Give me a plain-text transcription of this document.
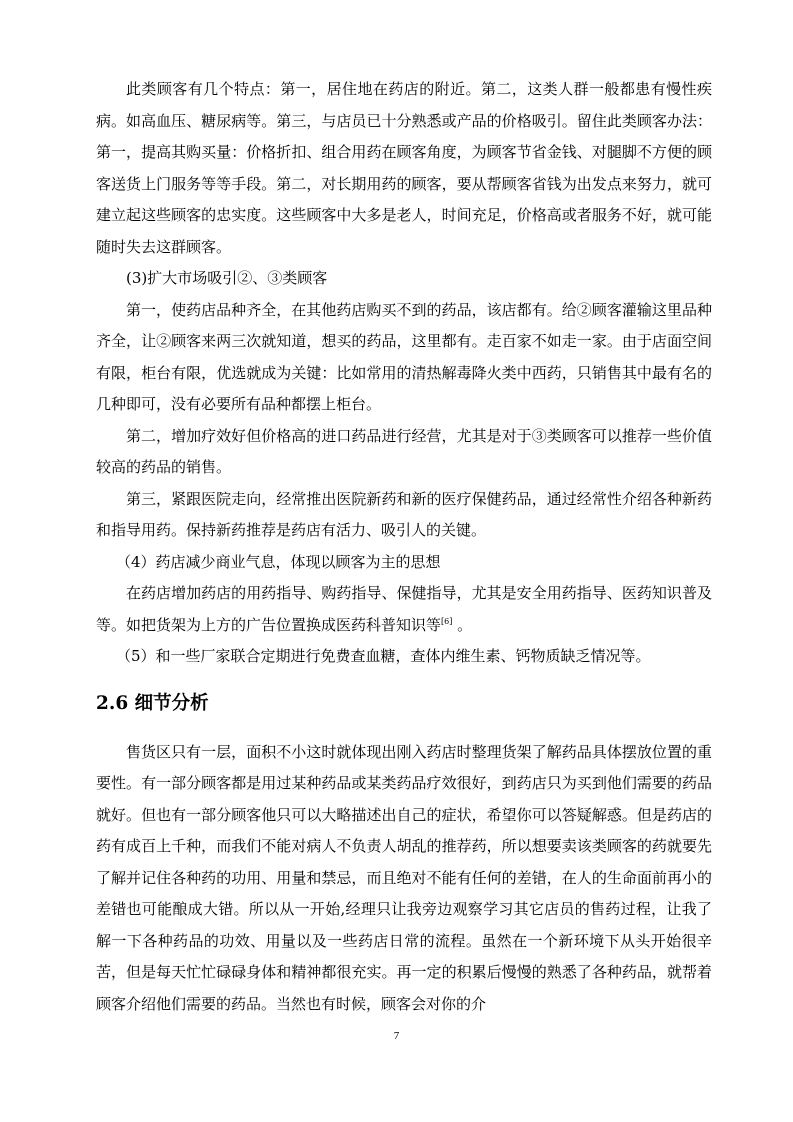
此类顾客有几个特点：第一，居住地在药店的附近。第二，这类人群一般都患有慢性疾病。如高血压、糖尿病等。第三，与店员已十分熟悉或产品的价格吸引。留住此类顾客办法：第一，提高其购买量：价格折扣、组合用药在顾客角度，为顾客节省金钱、对腿脚不方便的顾客送货上门服务等等手段。第二，对长期用药的顾客，要从帮顾客省钱为出发点来努力，就可建立起这些顾客的忠实度。这些顾客中大多是老人，时间充足，价格高或者服务不好，就可能随时失去这群顾客。

(3)扩大市场吸引②、③类顾客

第一，使药店品种齐全，在其他药店购买不到的药品，该店都有。给②顾客灌输这里品种齐全，让②顾客来两三次就知道，想买的药品，这里都有。走百家不如走一家。由于店面空间有限，柜台有限，优选就成为关键：比如常用的清热解毒降火类中西药，只销售其中最有名的几种即可，没有必要所有品种都摆上柜台。

第二，增加疗效好但价格高的进口药品进行经营，尤其是对于③类顾客可以推荐一些价值较高的药品的销售。

第三，紧跟医院走向，经常推出医院新药和新的医疗保健药品，通过经常性介绍各种新药和指导用药。保持新药推荐是药店有活力、吸引人的关键。

（4）药店减少商业气息，体现以顾客为主的思想

在药店增加药店的用药指导、购药指导、保健指导，尤其是安全用药指导、医药知识普及等。如把货架为上方的广告位置换成医药科普知识等[6] 。

（5）和一些厂家联合定期进行免费查血糖，查体内维生素、钙物质缺乏情况等。

2.6 细节分析

售货区只有一层，面积不小这时就体现出刚入药店时整理货架了解药品具体摆放位置的重要性。有一部分顾客都是用过某种药品或某类药品疗效很好，到药店只为买到他们需要的药品就好。但也有一部分顾客他只可以大略描述出自己的症状，希望你可以答疑解惑。但是药店的药有成百上千种，而我们不能对病人不负责人胡乱的推荐药，所以想要卖该类顾客的药就要先了解并记住各种药的功用、用量和禁忌，而且绝对不能有任何的差错，在人的生命面前再小的差错也可能酿成大错。所以从一开始,经理只让我旁边观察学习其它店员的售药过程，让我了解一下各种药品的功效、用量以及一些药店日常的流程。虽然在一个新环境下从头开始很辛苦，但是每天忙忙碌碌身体和精神都很充实。再一定的积累后慢慢的熟悉了各种药品，就帮着顾客介绍他们需要的药品。当然也有时候，顾客会对你的介

7
